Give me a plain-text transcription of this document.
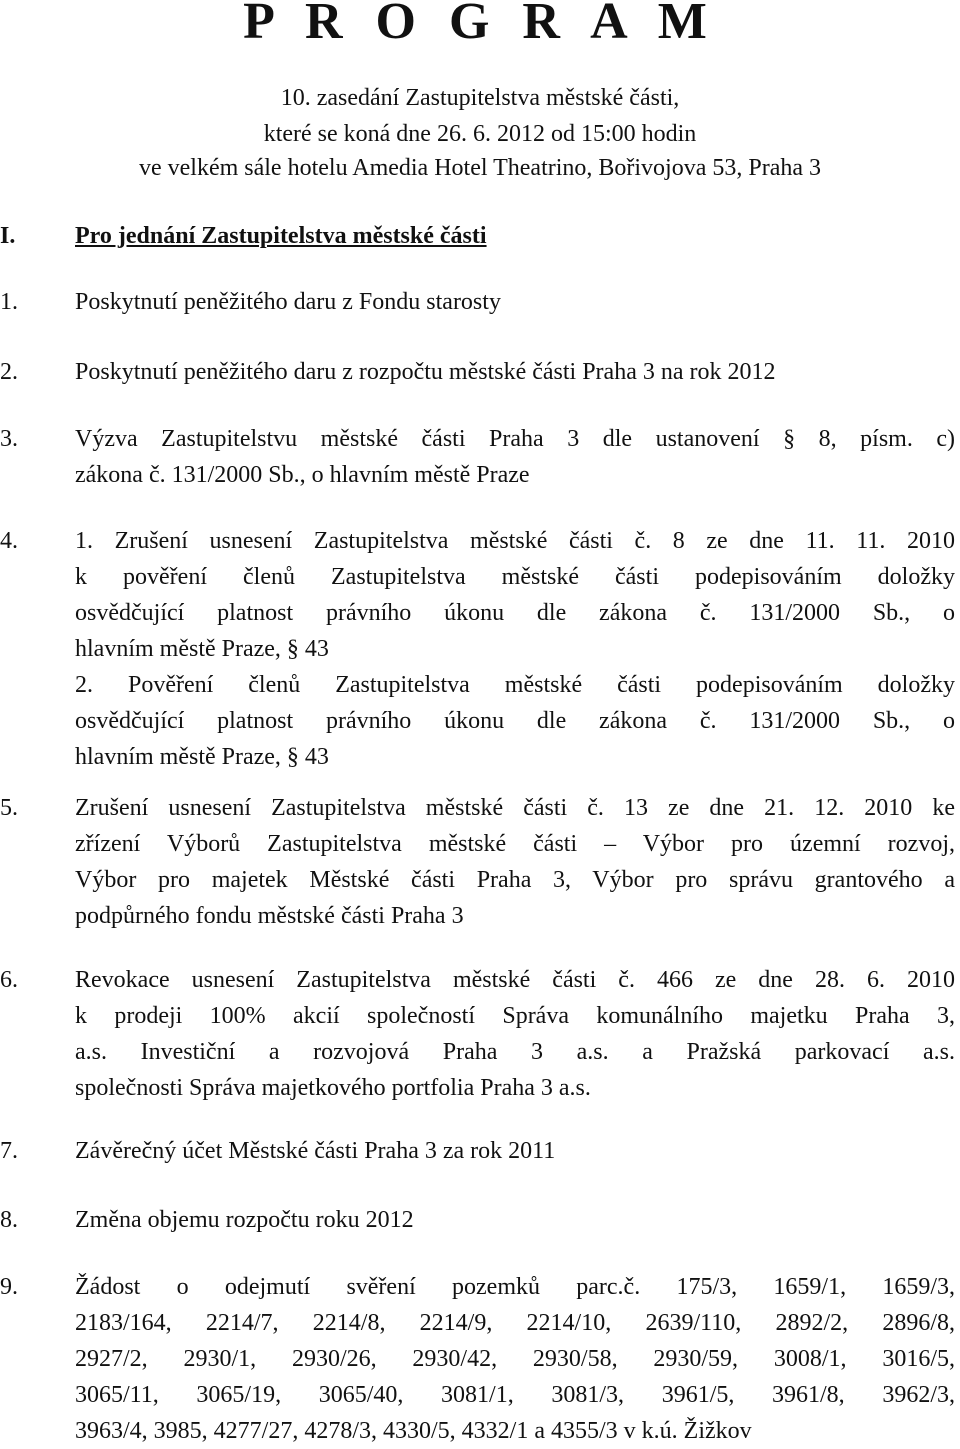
P R O G R A M
10. zasedání Zastupitelstva městské části,
které se koná dne 26. 6. 2012 od 15:00 hodin
ve velkém sále hotelu Amedia Hotel Theatrino, Bořivojova 53, Praha 3
I. Pro jednání Zastupitelstva městské části
1. Poskytnutí peněžitého daru z Fondu starosty
2. Poskytnutí peněžitého daru z rozpočtu městské části Praha 3 na rok 2012
3. Výzva Zastupitelstvu městské části Praha 3 dle ustanovení § 8, písm. c)
zákona č. 131/2000 Sb., o hlavním městě Praze
4. 1. Zrušení usnesení Zastupitelstva městské části č. 8 ze dne 11. 11. 2010
k pověření členů Zastupitelstva městské části podepisováním doložky
osvědčující platnost právního úkonu dle zákona č. 131/2000 Sb., o
hlavním městě Praze, § 43
2. Pověření členů Zastupitelstva městské části podepisováním doložky
osvědčující platnost právního úkonu dle zákona č. 131/2000 Sb., o
hlavním městě Praze, § 43
5. Zrušení usnesení Zastupitelstva městské části č. 13 ze dne 21. 12. 2010 ke
zřízení Výborů Zastupitelstva městské části – Výbor pro územní rozvoj,
Výbor pro majetek Městské části Praha 3, Výbor pro správu grantového a
podpůrného fondu městské části Praha 3
6. Revokace usnesení Zastupitelstva městské části č. 466 ze dne 28. 6. 2010
k prodeji 100% akcií společností Správa komunálního majetku Praha 3,
a.s. Investiční a rozvojová Praha 3 a.s. a Pražská parkovací a.s.
společnosti Správa majetkového portfolia Praha 3 a.s.
7. Závěrečný účet Městské části Praha 3 za rok 2011
8. Změna objemu rozpočtu roku 2012
9. Žádost o odejmutí svěření pozemků parc.č. 175/3, 1659/1, 1659/3,
2183/164, 2214/7, 2214/8, 2214/9, 2214/10, 2639/110, 2892/2, 2896/8,
2927/2, 2930/1, 2930/26, 2930/42, 2930/58, 2930/59, 3008/1, 3016/5,
3065/11, 3065/19, 3065/40, 3081/1, 3081/3, 3961/5, 3961/8, 3962/3,
3963/4, 3985, 4277/27, 4278/3, 4330/5, 4332/1 a 4355/3 v k.ú. Žižkov
